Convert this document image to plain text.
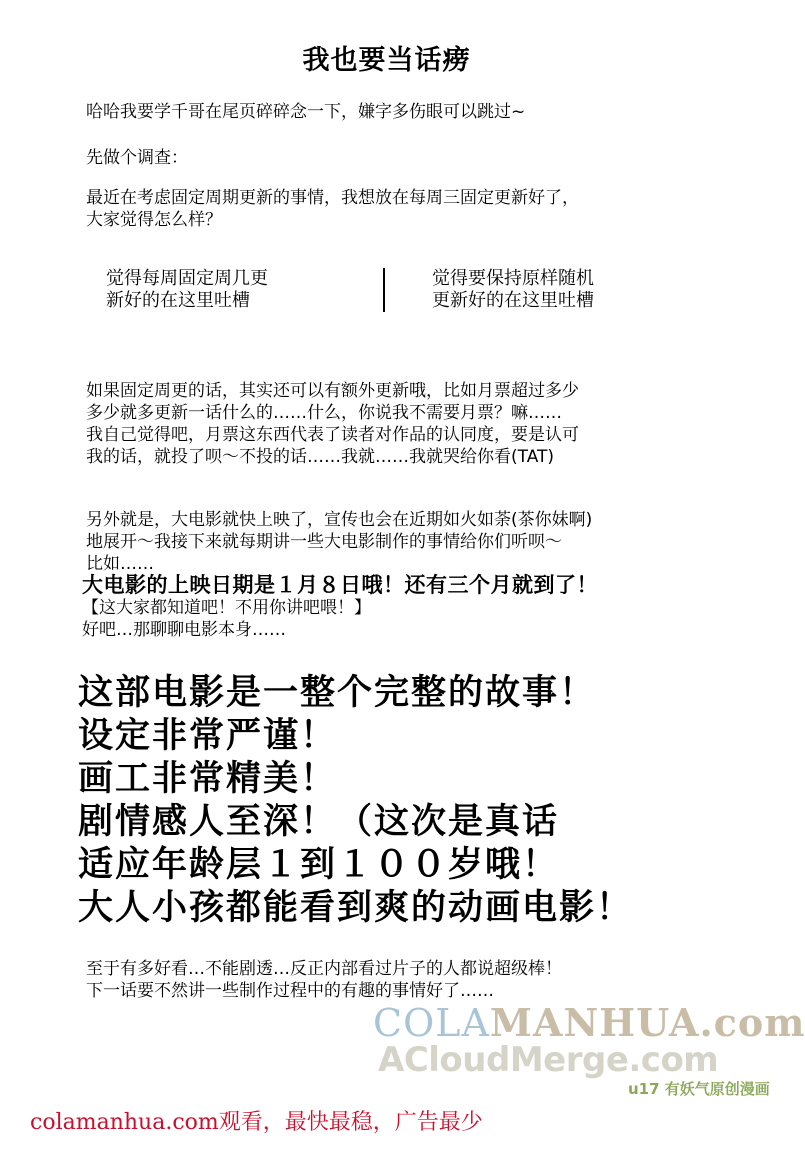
我也要当话痨
哈哈我要学千哥在尾页碎碎念一下，嫌字多伤眼可以跳过~
先做个调查：
最近在考虑固定周期更新的事情，我想放在每周三固定更新好了，
大家觉得怎么样？
觉得每周固定周几更
新好的在这里吐槽
觉得要保持原样随机
更新好的在这里吐槽
如果固定周更的话，其实还可以有额外更新哦，比如月票超过多少
多少就多更新一话什么的……什么，你说我不需要月票？嘛……
我自己觉得吧，月票这东西代表了读者对作品的认同度，要是认可
我的话，就投了呗～不投的话……我就……我就哭给你看(TAT)
另外就是，大电影就快上映了，宣传也会在近期如火如荼(茶你妹啊)
地展开～我接下来就每期讲一些大电影制作的事情给你们听呗～
比如……
大电影的上映日期是１月８日哦！还有三个月就到了！
【这大家都知道吧！不用你讲吧喂！】
好吧…那聊聊电影本身……
这部电影是一整个完整的故事！
设定非常严谨！
画工非常精美！
剧情感人至深！（这次是真话
适应年龄层１到１００岁哦！
大人小孩都能看到爽的动画电影！
至于有多好看…不能剧透…反正内部看过片子的人都说超级棒！
下一话要不然讲一些制作过程中的有趣的事情好了……
COLAMANHUA.com
ACloudMerge.com
u17 有妖气原创漫画
colamanhua.com观看，最快最稳，广告最少
